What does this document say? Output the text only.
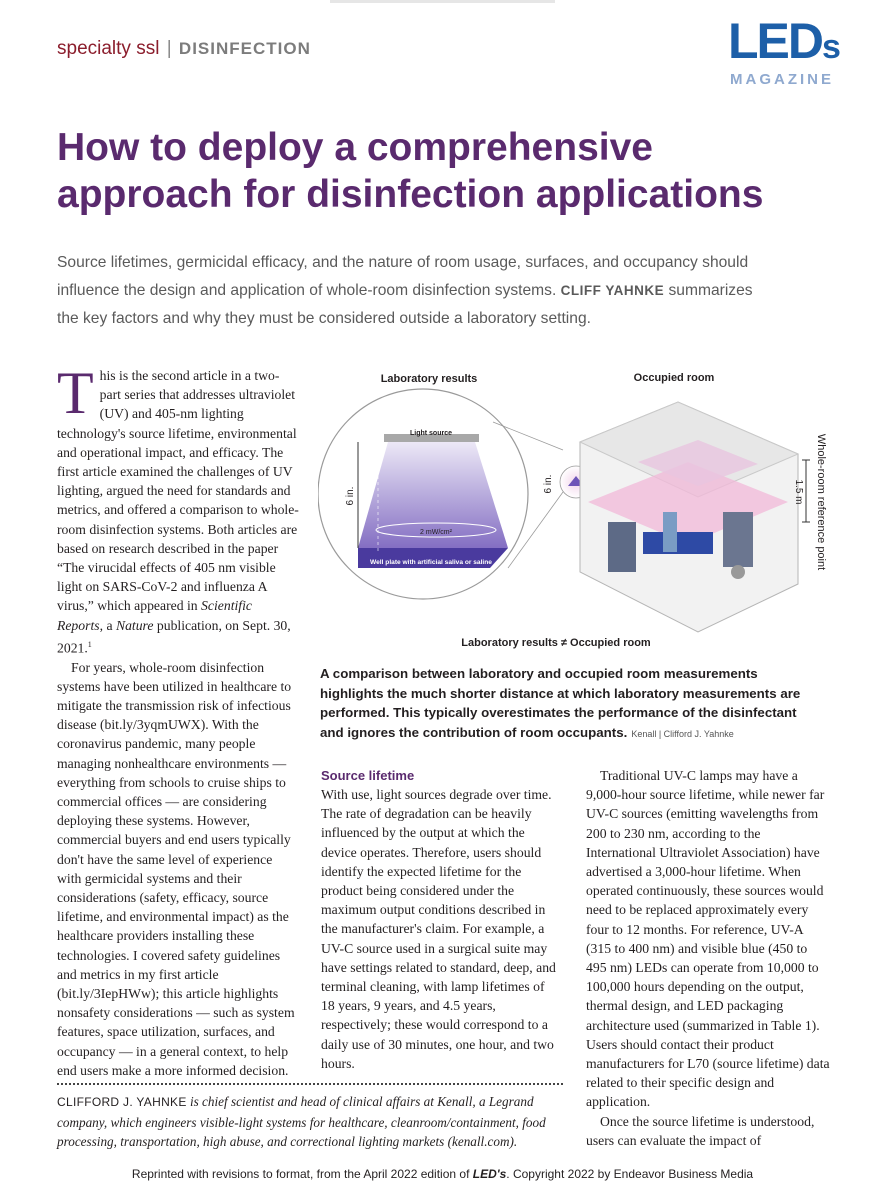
specialty ssl | DISINFECTION	LEDs
MAGAZINE
How to deploy a comprehensive approach for disinfection applications

Source lifetimes, germicidal efficacy, and the nature of room usage, surfaces, and occupancy should influence the design and application of whole-room disinfection systems. CLIFF YAHNKE summarizes the key factors and why they must be considered outside a laboratory setting.

This is the second article in a two-part series that addresses ultraviolet (UV) and 405-nm lighting technology's source lifetime, environmental and operational impact, and efficacy. The first article examined the challenges of UV lighting, argued the need for standards and metrics, and offered a comparison to whole-room disinfection systems. Both articles are based on research described in the paper “The virucidal effects of 405 nm visible light on SARS-CoV-2 and influenza A virus,” which appeared in Scientific Reports, a Nature publication, on Sept. 30, 2021.$^1$

For years, whole-room disinfection systems have been utilized in healthcare to mitigate the transmission risk of infectious disease (bit.ly/3yqmUWX). With the coronavirus pandemic, many people managing nonhealthcare environments — everything from schools to cruise ships to commercial offices — are considering deploying these systems. However, commercial buyers and end users typically don't have the same level of experience with germicidal systems and their considerations (safety, efficacy, source lifetime, and environmental impact) as the healthcare providers installing these technologies. I covered safety guidelines and metrics in my first article (bit.ly/3IepHWw); this article highlights nonsafety considerations — such as system features, space utilization, surfaces, and occupancy — in a general context, to help end users make a more informed decision.

Laboratory results	Occupied room
Light source
6 in.
2 mW/cm²
Well plate with artificial saliva or saline
6 in.	1.5 m Whole-room reference point
Laboratory results ≠ Occupied room

A comparison between laboratory and occupied room measurements highlights the much shorter distance at which laboratory measurements are performed. This typically overestimates the performance of the disinfectant and ignores the contribution of room occupants. Kenall | Clifford J. Yahnke

Source lifetime

With use, light sources degrade over time. The rate of degradation can be heavily influenced by the output at which the device operates. Therefore, users should identify the expected lifetime for the product being considered under the maximum output conditions described in the manufacturer's claim. For example, a UV-C source used in a surgical suite may have settings related to standard, deep, and terminal cleaning, with lamp lifetimes of 18 years, 9 years, and 4.5 years, respectively; these would correspond to a daily use of 30 minutes, one hour, and two hours.

Traditional UV-C lamps may have a 9,000-hour source lifetime, while newer far UV-C sources (emitting wavelengths from 200 to 230 nm, according to the International Ultraviolet Association) have advertised a 3,000-hour lifetime. When operated continuously, these sources would need to be replaced approximately every four to 12 months. For reference, UV-A (315 to 400 nm) and visible blue (450 to 495 nm) LEDs can operate from 10,000 to 100,000 hours depending on the output, thermal design, and LED packaging architecture used (summarized in Table 1). Users should contact their product manufacturers for L70 (source lifetime) data related to their specific design and application.

Once the source lifetime is understood, users can evaluate the impact of

CLIFFORD J. YAHNKE is chief scientist and head of clinical affairs at Kenall, a Legrand company, which engineers visible-light systems for healthcare, cleanroom/containment, food processing, transportation, high abuse, and correctional lighting markets (kenall.com).

Reprinted with revisions to format, from the April 2022 edition of LED's. Copyright 2022 by Endeavor Business Media
